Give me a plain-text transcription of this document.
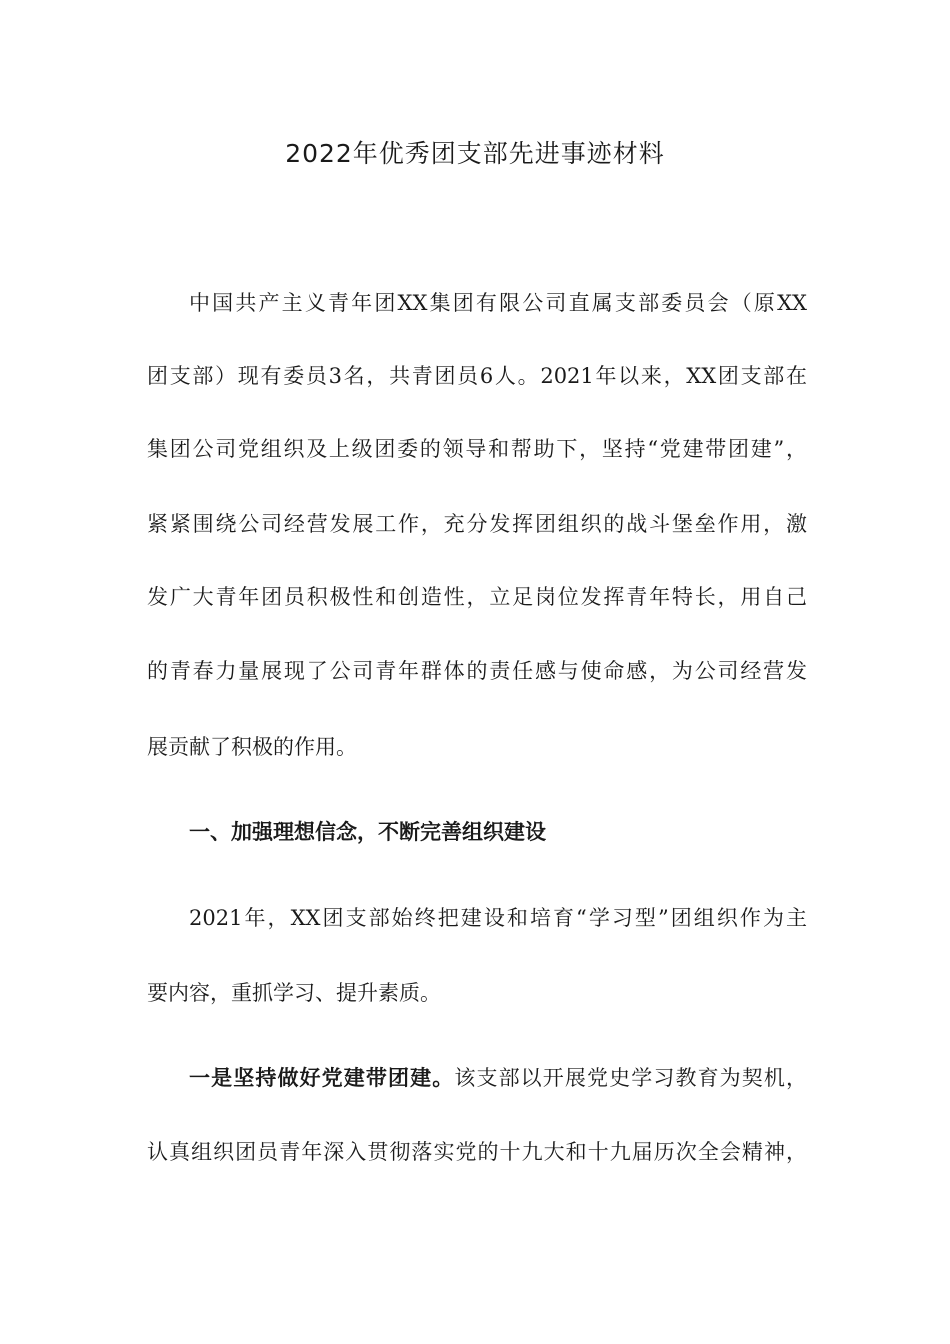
2022年优秀团支部先进事迹材料
中国共产主义青年团XX集团有限公司直属支部委员会（原XX
团支部）现有委员3名，共青团员6人。2021年以来，XX团支部在
集团公司党组织及上级团委的领导和帮助下，坚持“党建带团建”，
紧紧围绕公司经营发展工作，充分发挥团组织的战斗堡垒作用，激
发广大青年团员积极性和创造性，立足岗位发挥青年特长，用自己
的青春力量展现了公司青年群体的责任感与使命感，为公司经营发
展贡献了积极的作用。
一、加强理想信念，不断完善组织建设
2021年，XX团支部始终把建设和培育“学习型”团组织作为主
要内容，重抓学习、提升素质。
一是坚持做好党建带团建。该支部以开展党史学习教育为契机，
认真组织团员青年深入贯彻落实党的十九大和十九届历次全会精神，
